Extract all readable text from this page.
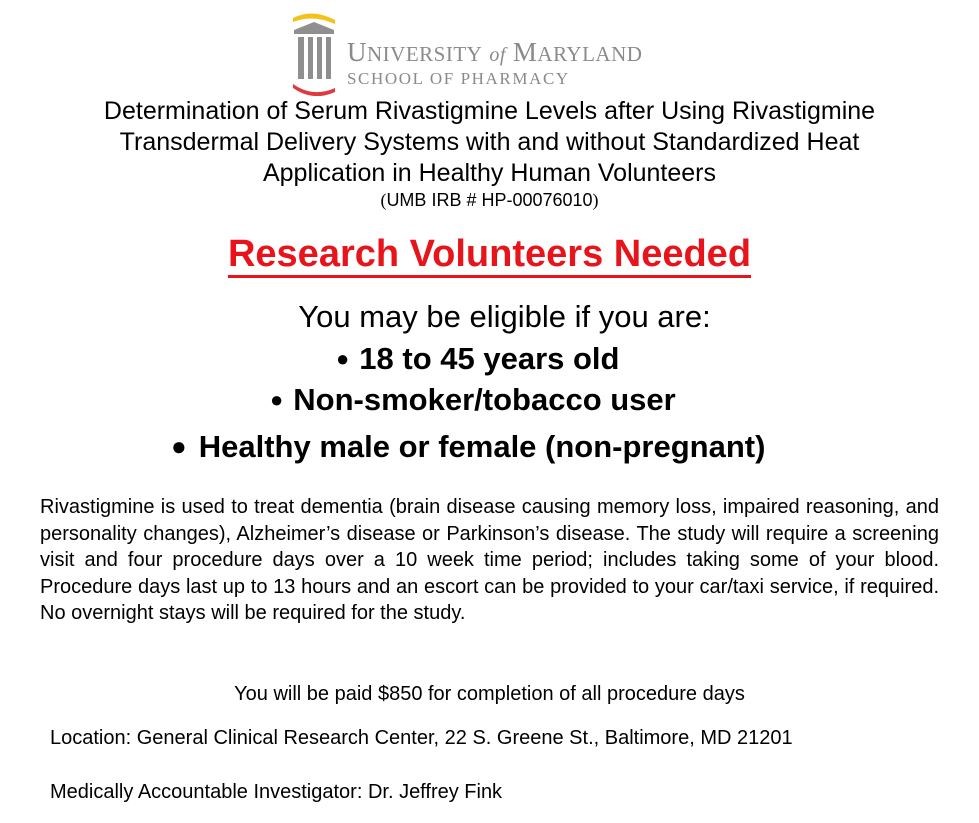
UNIVERSITY of MARYLAND
SCHOOL OF PHARMACY
Determination of Serum Rivastigmine Levels after Using Rivastigmine
Transdermal Delivery Systems with and without Standardized Heat
Application in Healthy Human Volunteers
(UMB IRB # HP-00076010)
Research Volunteers Needed
You may be eligible if you are:
● 18 to 45 years old
● Non-smoker/tobacco user
● Healthy male or female (non-pregnant)

Rivastigmine is used to treat dementia (brain disease causing memory loss, impaired reasoning, and personality changes), Alzheimer’s disease or Parkinson’s disease. The study will require a screening visit and four procedure days over a 10 week time period; includes taking some of your blood. Procedure days last up to 13 hours and an escort can be provided to your car/taxi service, if required. No overnight stays will be required for the study.

You will be paid $850 for completion of all procedure days
Location: General Clinical Research Center, 22 S. Greene St., Baltimore, MD 21201
Medically Accountable Investigator: Dr. Jeffrey Fink
